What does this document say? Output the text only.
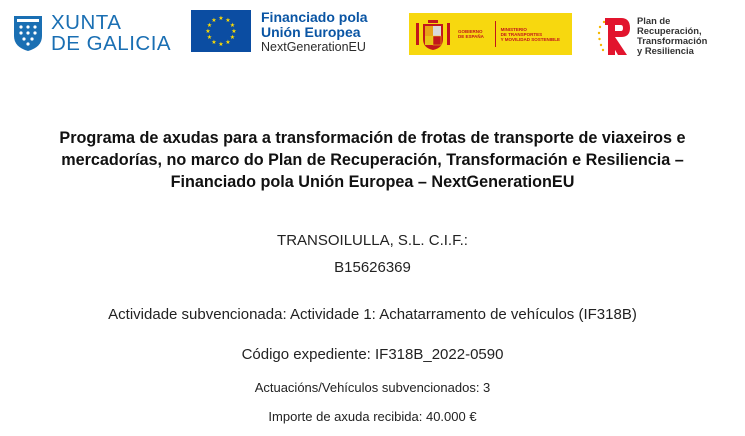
XUNTA
DE GALICIA
★ ★
★
★
★
★
★
★
★
★
★
★	Financiado pola
Unión Europea
NextGenerationEU
GOBIERNO
DE ESPAÑA
MINISTERIO
DE TRANSPORTES
Y MOVILIDAD SOSTENIBLE
Plan de
Recuperación,
Transformación
y Resiliencia
Programa de axudas para a transformación de frotas de transporte de viaxeiros e mercadorías, no marco do Plan de Recuperación, Transformación e Resiliencia – Financiado pola Unión Europea – NextGenerationEU
TRANSOILULLA, S.L. C.I.F.:
B15626369
Actividade subvencionada: Actividade 1: Achatarramento de vehículos (IF318B)
Código expediente: IF318B_2022-0590
Actuacións/Vehículos subvencionados: 3
Importe de axuda recibida: 40.000 €
